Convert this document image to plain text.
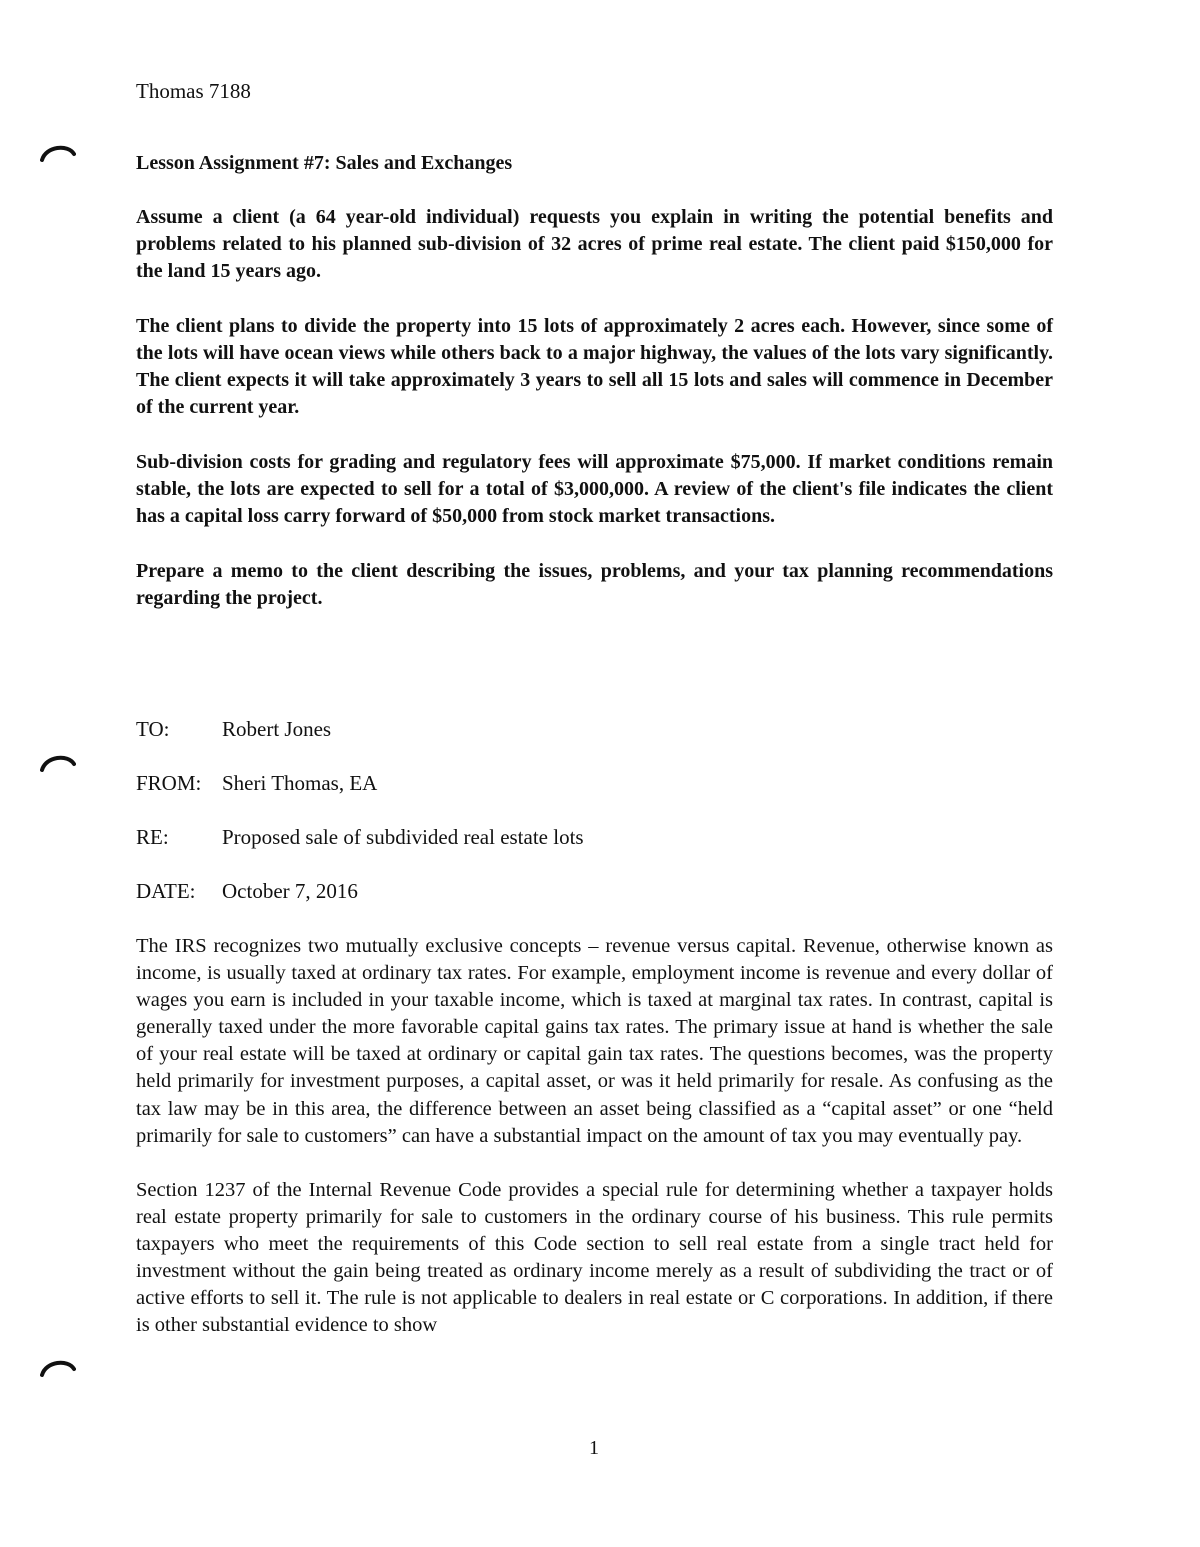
Thomas 7188

Lesson Assignment #7: Sales and Exchanges

Assume a client (a 64 year-old individual) requests you explain in writing the potential benefits and problems related to his planned sub-division of 32 acres of prime real estate. The client paid $150,000 for the land 15 years ago.

The client plans to divide the property into 15 lots of approximately 2 acres each. However, since some of the lots will have ocean views while others back to a major highway, the values of the lots vary significantly. The client expects it will take approximately 3 years to sell all 15 lots and sales will commence in December of the current year.

Sub-division costs for grading and regulatory fees will approximate $75,000. If market conditions remain stable, the lots are expected to sell for a total of $3,000,000. A review of the client's file indicates the client has a capital loss carry forward of $50,000 from stock market transactions.

Prepare a memo to the client describing the issues, problems, and your tax planning recommendations regarding the project.

TO:	Robert Jones
FROM: Sheri Thomas, EA
RE:	Proposed sale of subdivided real estate lots
DATE:	October 7, 2016

The IRS recognizes two mutually exclusive concepts – revenue versus capital. Revenue, otherwise known as income, is usually taxed at ordinary tax rates. For example, employment income is revenue and every dollar of wages you earn is included in your taxable income, which is taxed at marginal tax rates. In contrast, capital is generally taxed under the more favorable capital gains tax rates. The primary issue at hand is whether the sale of your real estate will be taxed at ordinary or capital gain tax rates. The questions becomes, was the property held primarily for investment purposes, a capital asset, or was it held primarily for resale. As confusing as the tax law may be in this area, the difference between an asset being classified as a “capital asset” or one “held primarily for sale to customers” can have a substantial impact on the amount of tax you may eventually pay.

Section 1237 of the Internal Revenue Code provides a special rule for determining whether a taxpayer holds real estate property primarily for sale to customers in the ordinary course of his business. This rule permits taxpayers who meet the requirements of this Code section to sell real estate from a single tract held for investment without the gain being treated as ordinary income merely as a result of subdividing the tract or of active efforts to sell it. The rule is not applicable to dealers in real estate or C corporations. In addition, if there is other substantial evidence to show

1
